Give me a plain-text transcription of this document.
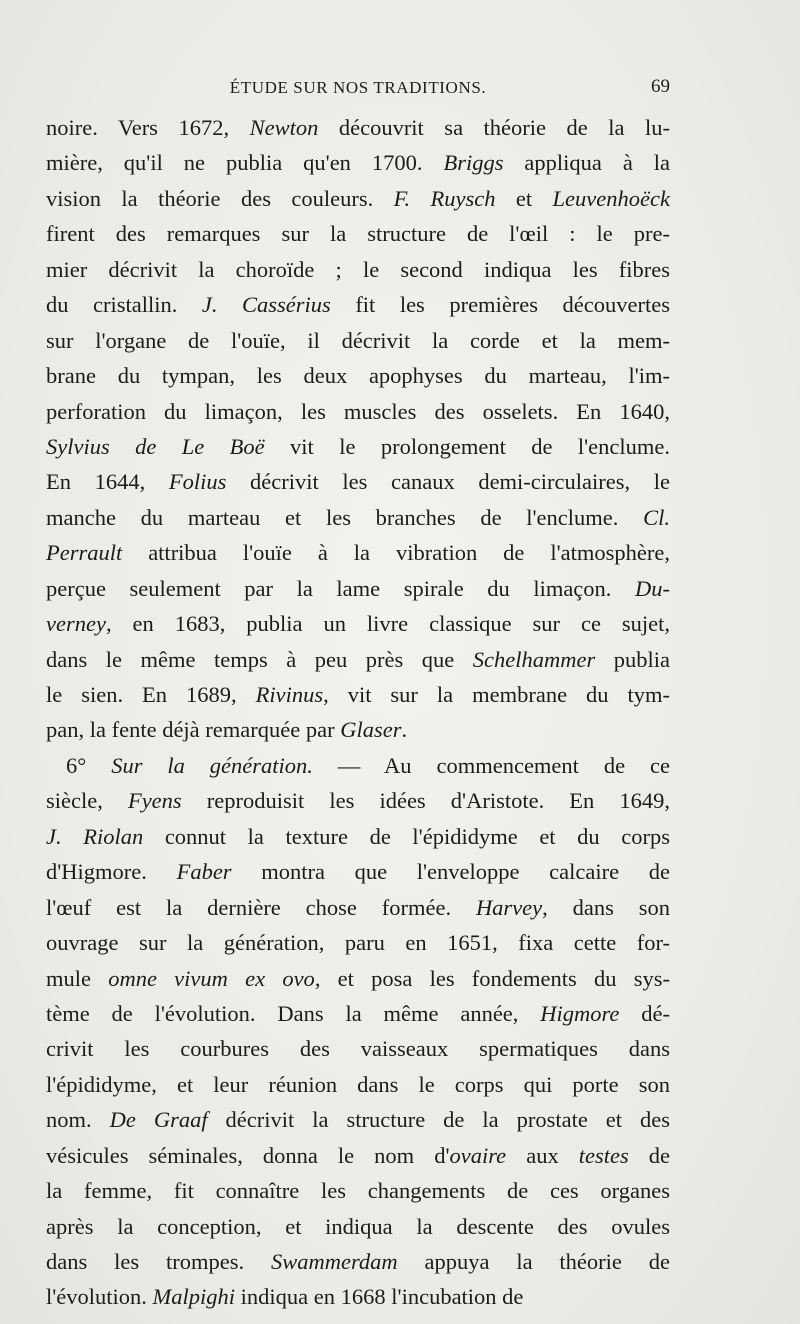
ÉTUDE SUR NOS TRADITIONS.	69
noire. Vers 1672, Newton découvrit sa théorie de la lu-
mière, qu'il ne publia qu'en 1700. Briggs appliqua à la
vision la théorie des couleurs. F. Ruysch et Leuvenhoëck
firent des remarques sur la structure de l'œil : le pre-
mier décrivit la choroïde ; le second indiqua les fibres
du cristallin. J. Cassérius fit les premières découvertes
sur l'organe de l'ouïe, il décrivit la corde et la mem-
brane du tympan, les deux apophyses du marteau, l'im-
perforation du limaçon, les muscles des osselets. En 1640,
Sylvius de Le Boë vit le prolongement de l'enclume.
En 1644, Folius décrivit les canaux demi-circulaires, le
manche du marteau et les branches de l'enclume. Cl.
Perrault attribua l'ouïe à la vibration de l'atmosphère,
perçue seulement par la lame spirale du limaçon. Du-
verney, en 1683, publia un livre classique sur ce sujet,
dans le même temps à peu près que Schelhammer publia
le sien. En 1689, Rivinus, vit sur la membrane du tym-
pan, la fente déjà remarquée par Glaser.
6° Sur la génération. — Au commencement de ce
siècle, Fyens reproduisit les idées d'Aristote. En 1649,
J. Riolan connut la texture de l'épididyme et du corps
d'Higmore. Faber montra que l'enveloppe calcaire de
l'œuf est la dernière chose formée. Harvey, dans son
ouvrage sur la génération, paru en 1651, fixa cette for-
mule omne vivum ex ovo, et posa les fondements du sys-
tème de l'évolution. Dans la même année, Higmore dé-
crivit les courbures des vaisseaux spermatiques dans
l'épididyme, et leur réunion dans le corps qui porte son
nom. De Graaf décrivit la structure de la prostate et des
vésicules séminales, donna le nom d'ovaire aux testes de
la femme, fit connaître les changements de ces organes
après la conception, et indiqua la descente des ovules
dans les trompes. Swammerdam appuya la théorie de
l'évolution. Malpighi indiqua en 1668 l'incubation de
